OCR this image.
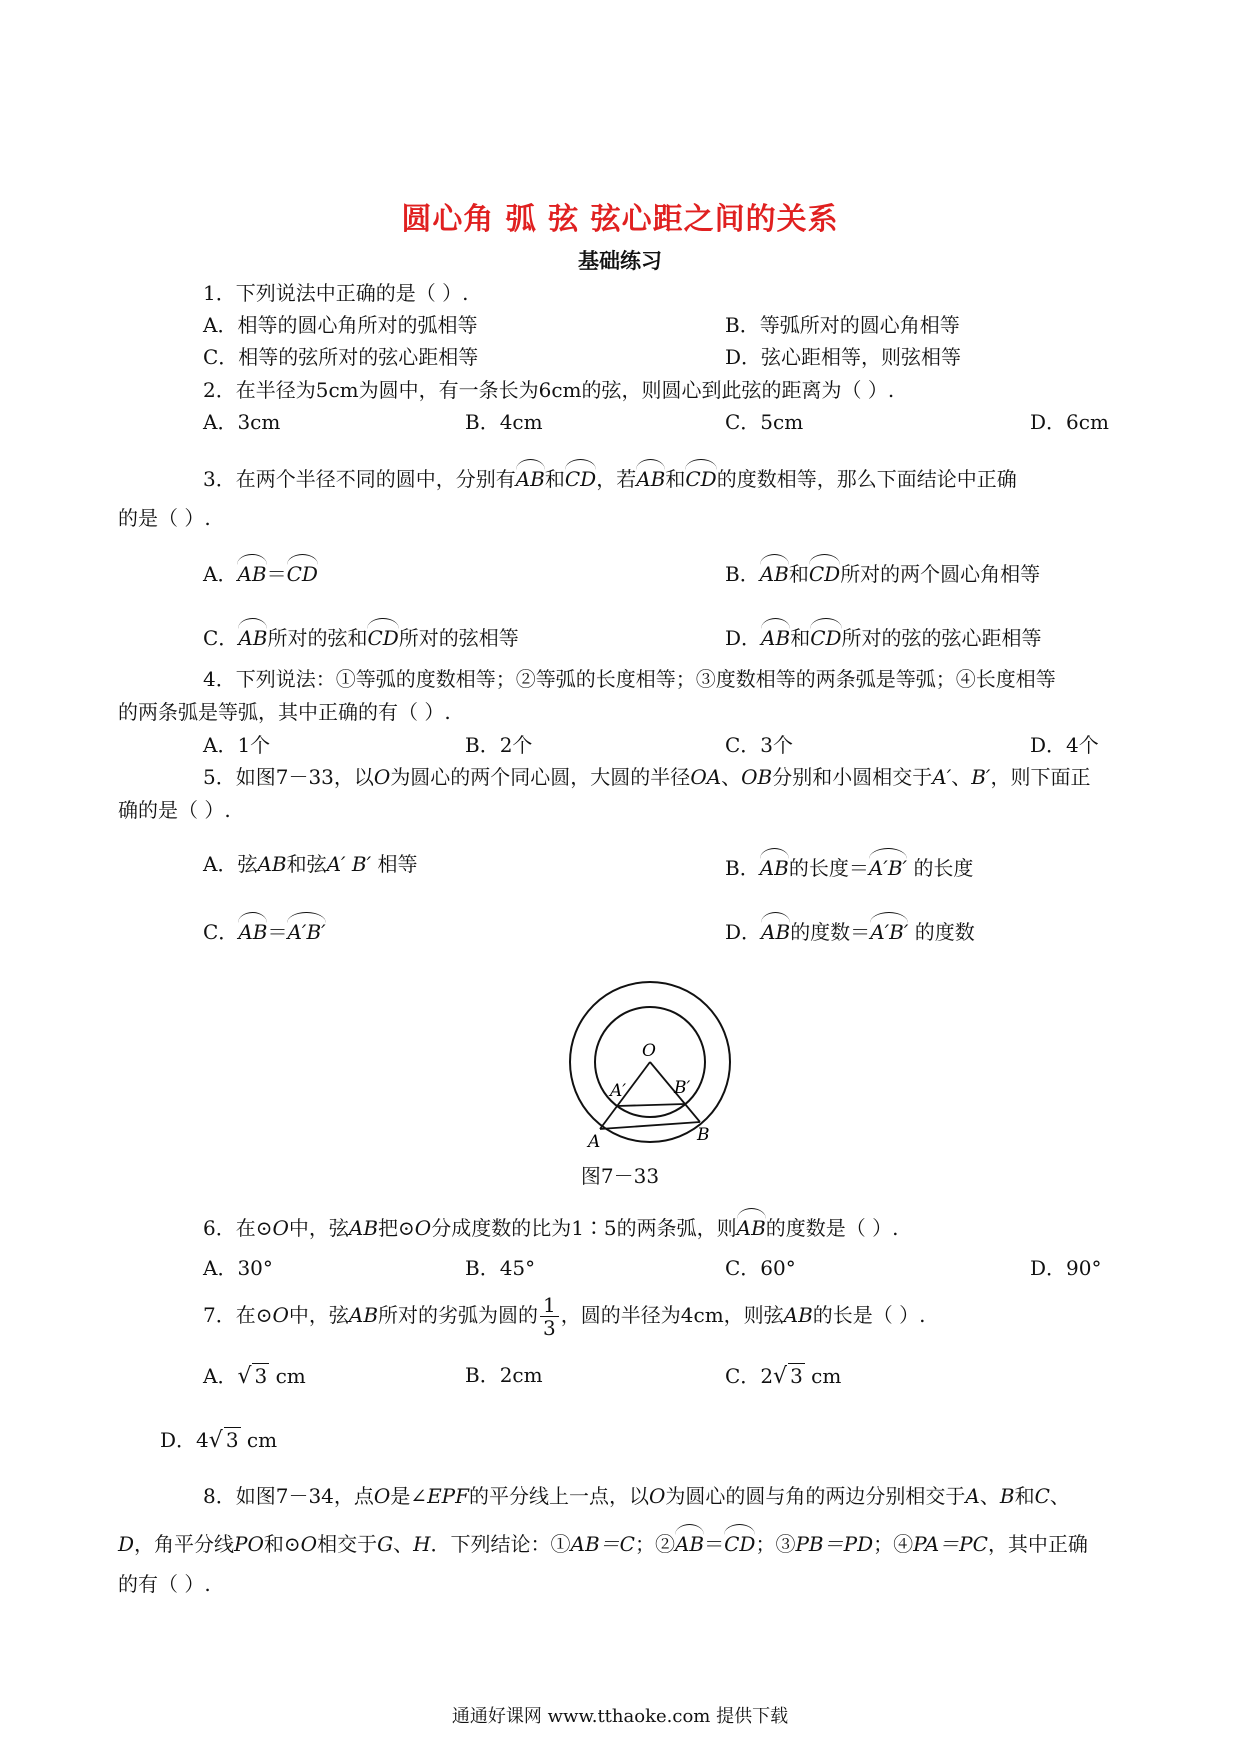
圆心角 弧 弦 弦心距之间的关系
基础练习
1．下列说法中正确的是（ ）.
A．相等的圆心角所对的弧相等	B．等弧所对的圆心角相等
C．相等的弦所对的弦心距相等	D．弦心距相等，则弦相等
2．在半径为5cm为圆中，有一条长为6cm的弦，则圆心到此弦的距离为（ ）.
A．3cm	B．4cm	C．5cm	D．6cm
3．在两个半径不同的圆中，分别有AB和CD，若AB和CD的度数相等，那么下面结论中正确
的是（ ）.
A．AB＝CD	B．AB和CD所对的两个圆心角相等
C．AB所对的弦和CD所对的弦相等	D．AB和CD所对的弦的弦心距相等
4．下列说法：①等弧的度数相等；②等弧的长度相等；③度数相等的两条弧是等弧；④长度相等
的两条弧是等弧，其中正确的有（ ）.
A．1个	B．2个	C．3个	D．4个
5．如图7－33，以O为圆心的两个同心圆，大圆的半径OA、OB分别和小圆相交于A′、B′，则下面正
确的是（ ）.
A．弦AB和弦A′ B′ 相等	B．AB的长度＝A′B′ 的长度
C．AB＝A′B′	D．AB的度数＝A′B′ 的度数
O
A′	B′
A	B
图7－33
6．在⊙O中，弦AB把⊙O分成度数的比为1∶5的两条弧，则AB的度数是（ ）.
A．30°	B．45°	C．60°	D．90°
7．在⊙O中，弦AB所对的劣弧为圆的 $\frac{1}{3}$ ，圆的半径为4cm，则弦AB的长是（ ）.
A．√ 3 cm	B．2cm	C．2√ 3 cm
D．4√ 3 cm
8．如图7－34，点O是∠EPF的平分线上一点，以O为圆心的圆与角的两边分别相交于A、B和C、
D，角平分线PO和⊙O相交于G、H．下列结论：①AB＝C；②AB＝CD；③PB＝PD；④PA＝PC，其中正确
的有（ ）.
通通好课网 www.tthaoke.com 提供下载
